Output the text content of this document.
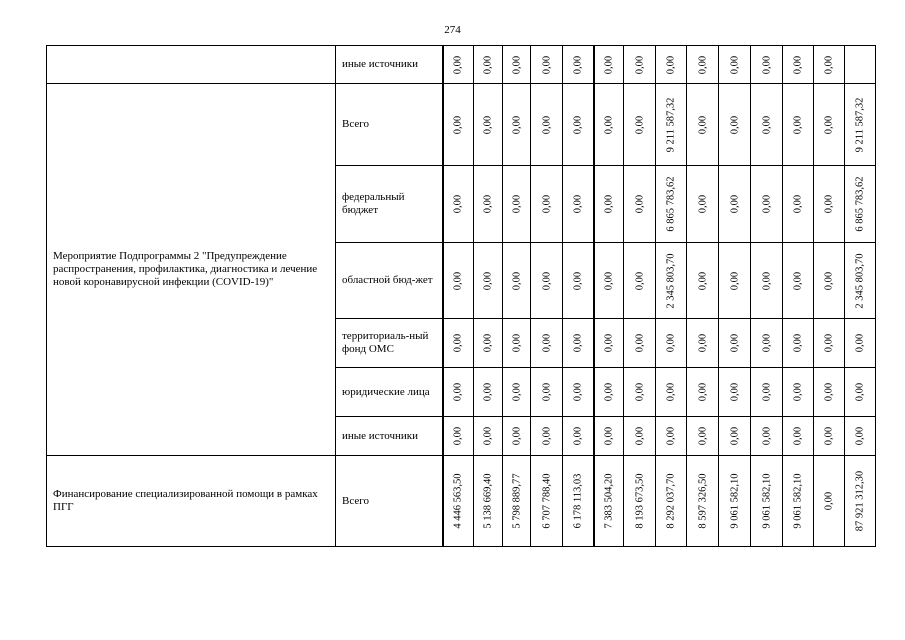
274
	иные источники	0,00	0,00	0,00	0,00	0,00	0,00	0,00	0,00	0,00	0,00	0,00	0,00	0,00	

Мероприятие Подпрограммы 2 "Предупреждение распространения, профилактика, диагностика и лечение новой коронавирусной инфекции (COVID-19)"	Всего	0,00	0,00	0,00	0,00	0,00	0,00	0,00	9 211 587,32	0,00	0,00	0,00	0,00	0,00	9 211 587,32

	федеральный бюджет	0,00	0,00	0,00	0,00	0,00	0,00	0,00	6 865 783,62	0,00	0,00	0,00	0,00	0,00	6 865 783,62

	областной бюд-жет	0,00	0,00	0,00	0,00	0,00	0,00	0,00	2 345 803,70	0,00	0,00	0,00	0,00	0,00	2 345 803,70

	территориаль-ный фонд ОМС	0,00	0,00	0,00	0,00	0,00	0,00	0,00	0,00	0,00	0,00	0,00	0,00	0,00	0,00

	юридические лица	0,00	0,00	0,00	0,00	0,00	0,00	0,00	0,00	0,00	0,00	0,00	0,00	0,00	0,00

	иные источники	0,00	0,00	0,00	0,00	0,00	0,00	0,00	0,00	0,00	0,00	0,00	0,00	0,00	0,00

Финансирование специализированной помощи в рамках ПГГ	Всего	4 446 563,50	5 138 669,40	5 798 889,77	6 707 788,40	6 178 113,03	7 383 504,20	8 193 673,50	8 292 037,70	8 597 326,50	9 061 582,10	9 061 582,10	9 061 582,10	0,00	87 921 312,30
